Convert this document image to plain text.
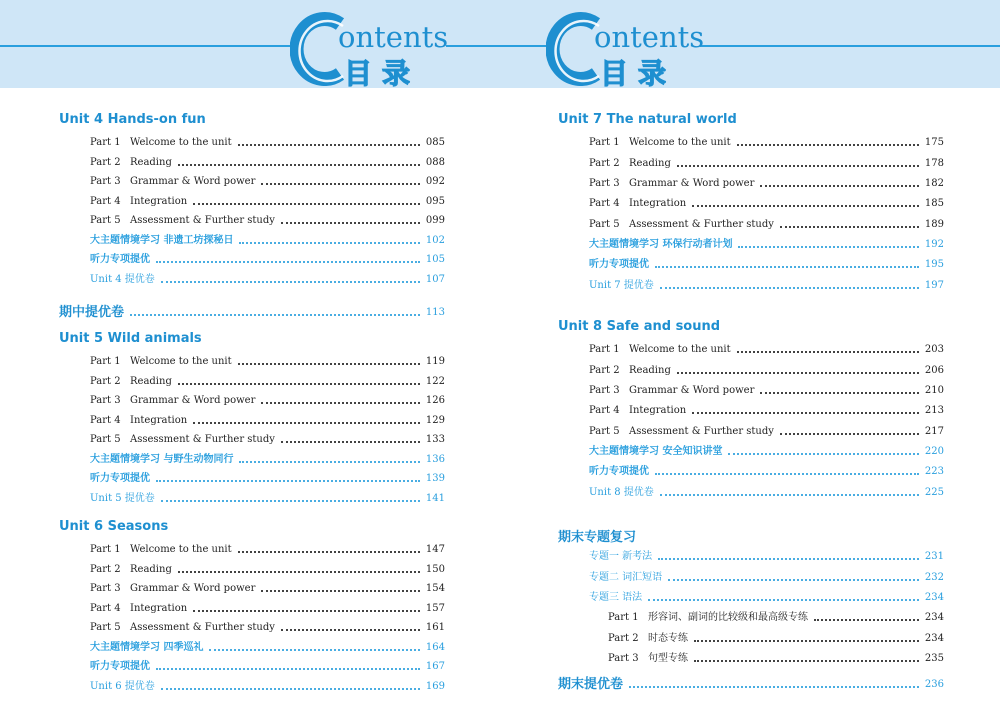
ontents
目录
ontents
目录
Unit 4 Hands-on fun
Part 1 Welcome to the unit	085
Part 2 Reading	088
Part 3 Grammar & Word power	092
Part 4 Integration	095
Part 5 Assessment & Further study	099
大主题情境学习 非遗工坊探秘日	102
听力专项提优	105
Unit 4 提优卷	107
期中提优卷	113
Unit 5 Wild animals
Part 1 Welcome to the unit	119
Part 2 Reading	122
Part 3 Grammar & Word power	126
Part 4 Integration	129
Part 5 Assessment & Further study	133
大主题情境学习 与野生动物同行	136
听力专项提优	139
Unit 5 提优卷	141
Unit 6 Seasons
Part 1 Welcome to the unit	147
Part 2 Reading	150
Part 3 Grammar & Word power	154
Part 4 Integration	157
Part 5 Assessment & Further study	161
大主题情境学习 四季巡礼	164
听力专项提优	167
Unit 6 提优卷	169
Unit 7 The natural world
Part 1 Welcome to the unit	175
Part 2 Reading	178
Part 3 Grammar & Word power	182
Part 4 Integration	185
Part 5 Assessment & Further study	189
大主题情境学习 环保行动者计划	192
听力专项提优	195
Unit 7 提优卷	197
Unit 8 Safe and sound
Part 1 Welcome to the unit	203
Part 2 Reading	206
Part 3 Grammar & Word power	210
Part 4 Integration	213
Part 5 Assessment & Further study	217
大主题情境学习 安全知识讲堂	220
听力专项提优	223
Unit 8 提优卷	225
期末专题复习
专题一 新考法	231
专题二 词汇短语	232
专题三 语法	234
Part 1 形容词、副词的比较级和最高级专练	234
Part 2 时态专练	234
Part 3 句型专练	235
期末提优卷	236
